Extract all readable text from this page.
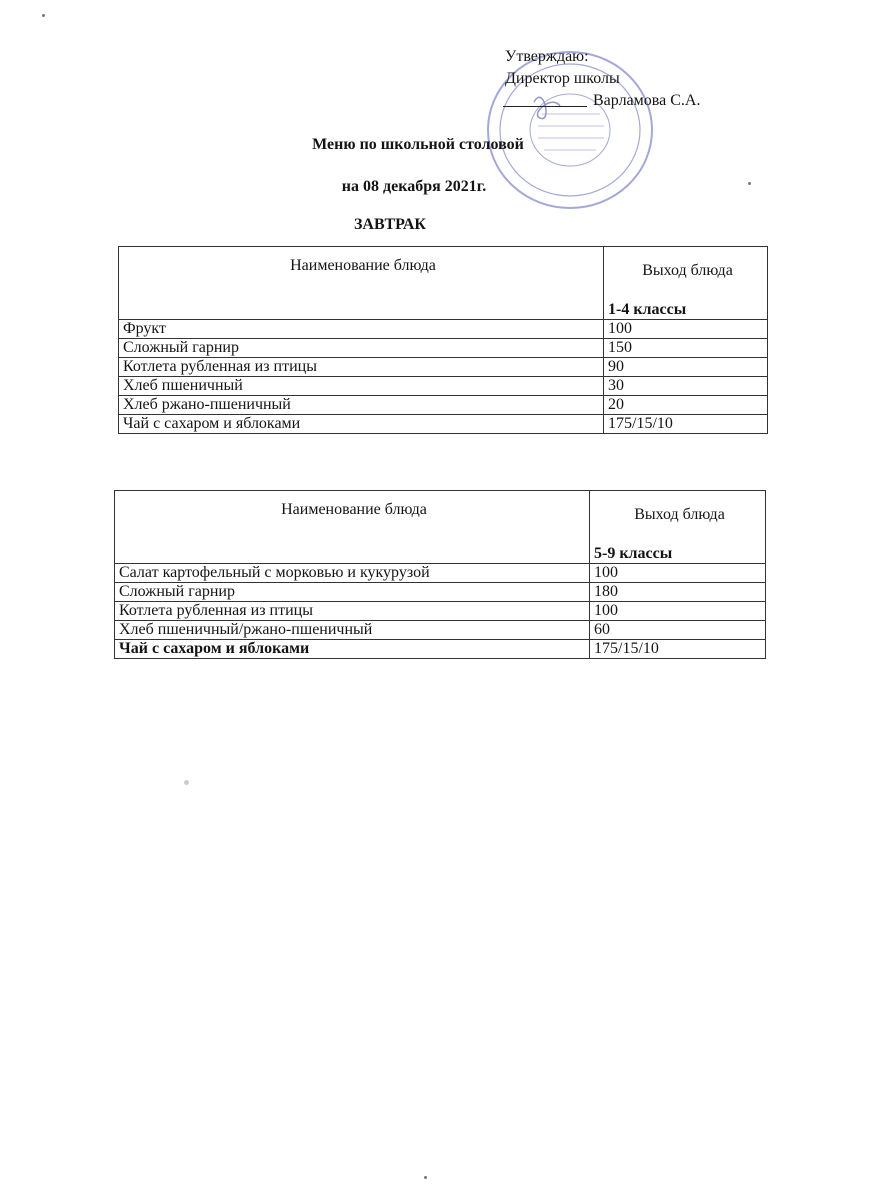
Утверждаю:
Директор школы
Варламова С.А.
Меню по школьной столовой
на 08 декабря 2021г.
ЗАВТРАК
Наименование блюда	Выход блюда
	1-4 классы
Фрукт	100
Сложный гарнир	150
Котлета рубленная из птицы	90
Хлеб пшеничный	30
Хлеб ржано-пшеничный	20
Чай с сахаром и яблоками	175/15/10
Наименование блюда	Выход блюда
	5-9 классы
Салат картофельный с морковью и кукурузой	100
Сложный гарнир	180
Котлета рубленная из птицы	100
Хлеб пшеничный/ржано-пшеничный	60
Чай с сахаром и яблоками	175/15/10
